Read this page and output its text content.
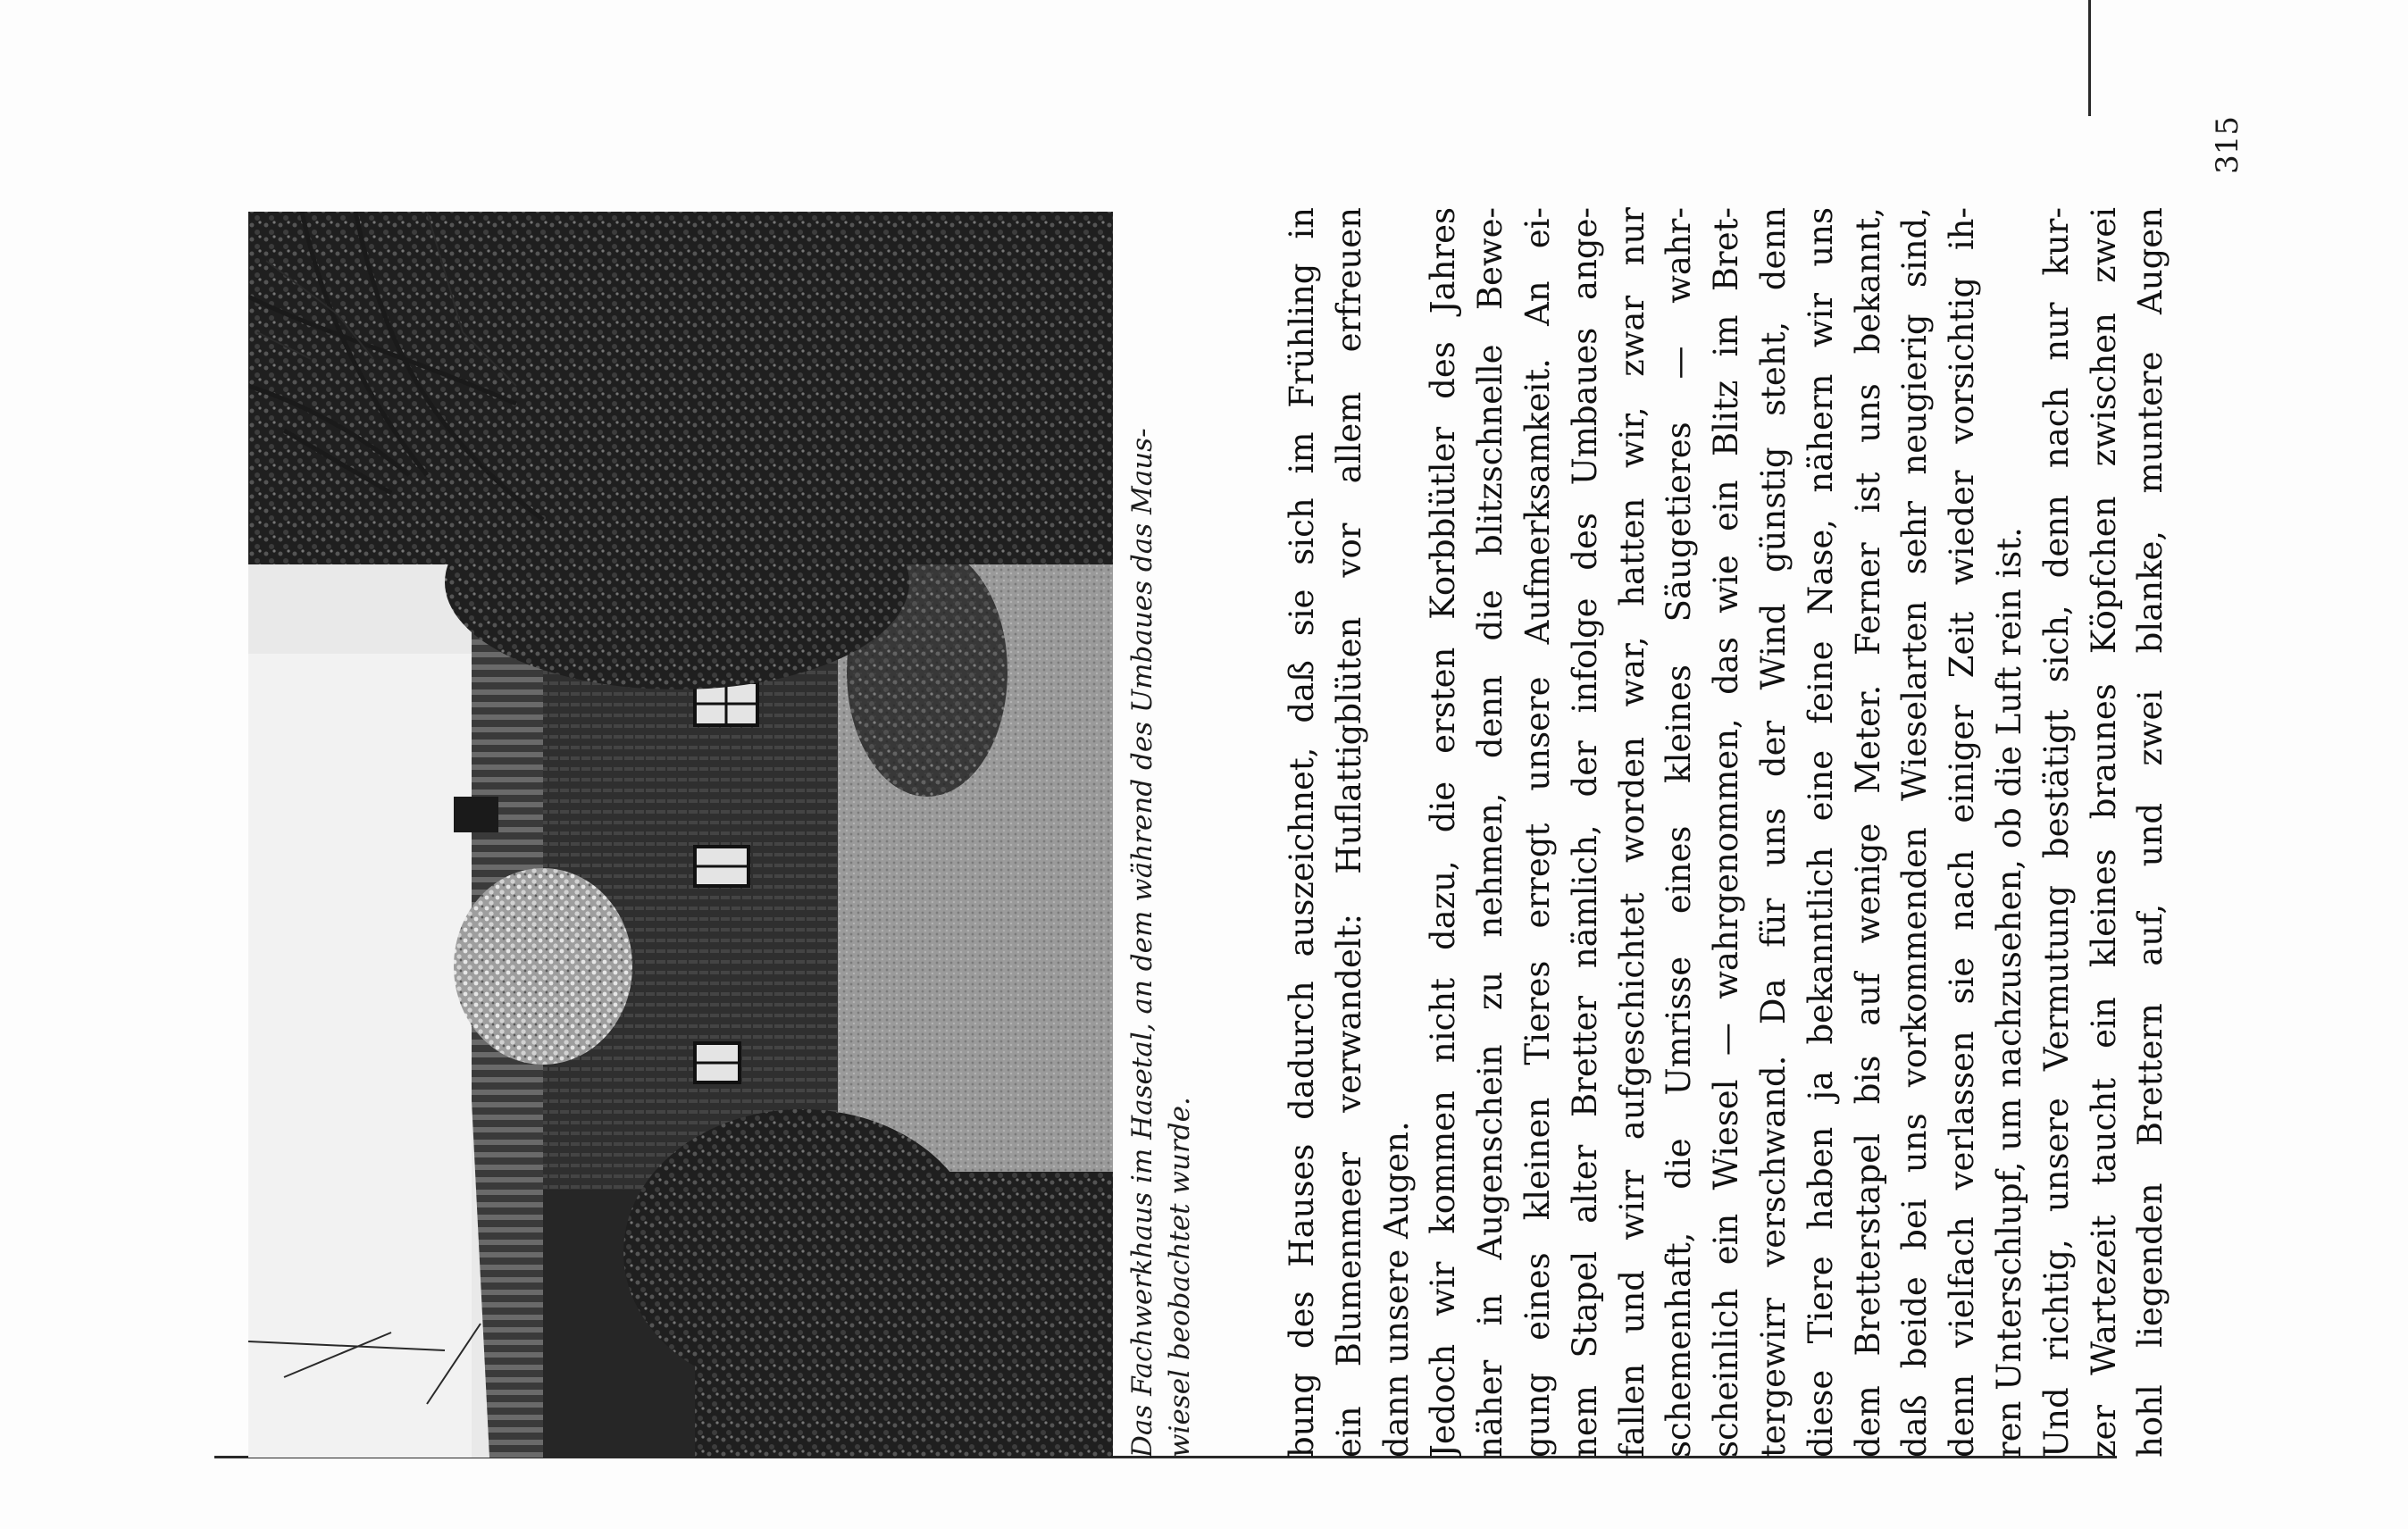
Das Fachwerkhaus im Hasetal, an dem während des Umbaues das Maus- wiesel beobachtet wurde.	bung des Hauses dadurch auszeichnet, daß sie sich im Frühling in ein Blumenmeer verwandelt: Huflattigblüten vor allem erfreuen dann unsere Augen. Jedoch wir kommen nicht dazu, die ersten Korbblütler des Jahres näher in Augenschein zu nehmen, denn die blitzschnelle Bewe- gung eines kleinen Tieres erregt unsere Aufmerksamkeit. An ei- nem Stapel alter Bretter nämlich, der infolge des Umbaues ange- fallen und wirr aufgeschichtet worden war, hatten wir, zwar nur schemenhaft, die Umrisse eines kleines Säugetieres — wahr- scheinlich ein Wiesel — wahrgenommen, das wie ein Blitz im Bret- tergewirr verschwand. Da für uns der Wind günstig steht, denn diese Tiere haben ja bekanntlich eine feine Nase, nähern wir uns dem Bretterstapel bis auf wenige Meter. Ferner ist uns bekannt, daß beide bei uns vorkommenden Wieselarten sehr neugierig sind, denn vielfach verlassen sie nach einiger Zeit wieder vorsichtig ih- ren Unterschlupf, um nachzusehen, ob die Luft rein ist. Und richtig, unsere Vermutung bestätigt sich, denn nach nur kur- zer Wartezeit taucht ein kleines braunes Köpfchen zwischen zwei hohl liegenden Brettern auf, und zwei blanke, muntere Augen
315
